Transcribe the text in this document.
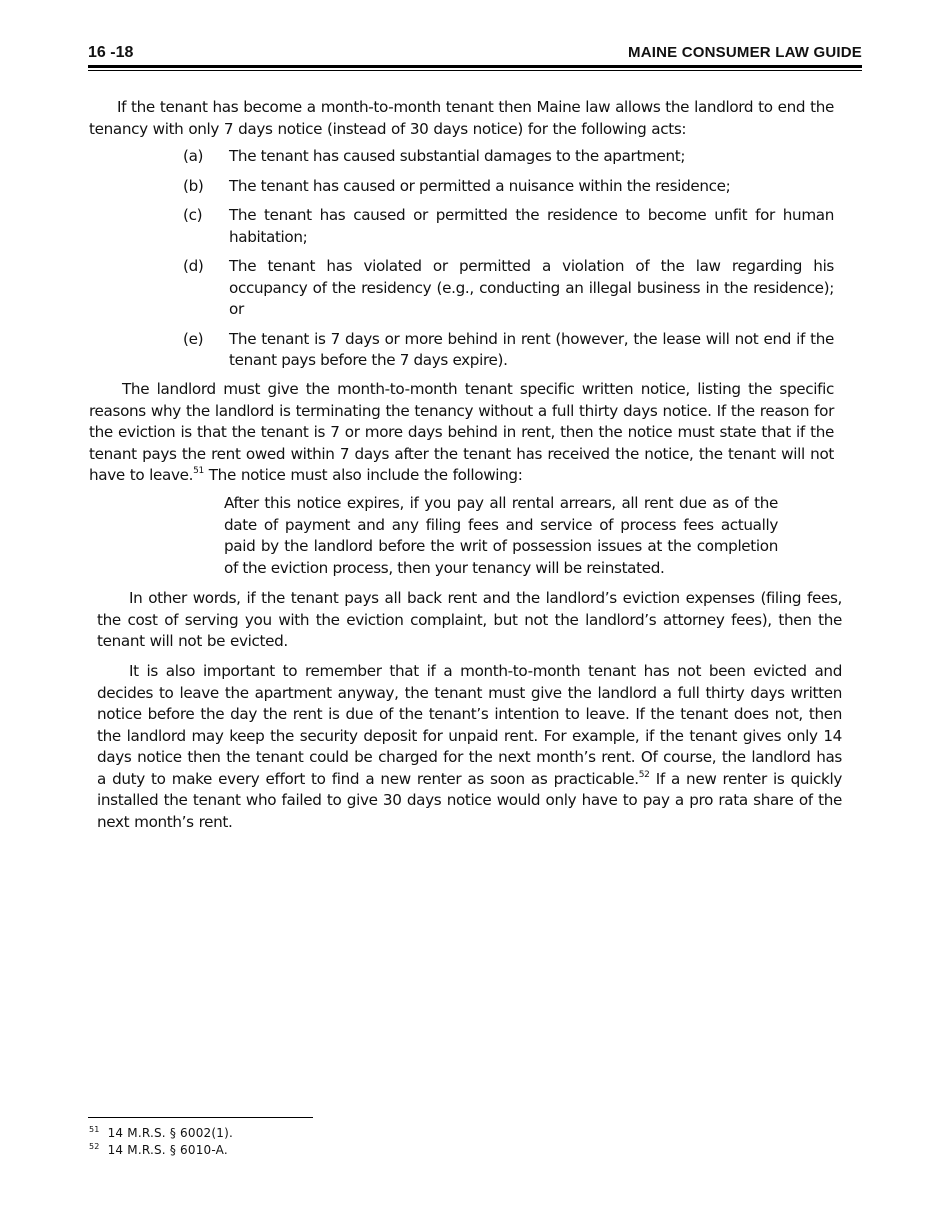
16 -18	MAINE CONSUMER LAW GUIDE
If the tenant has become a month-to-month tenant then Maine law allows the landlord to end the tenancy with only 7 days notice (instead of 30 days notice) for the following acts:
(a) The tenant has caused substantial damages to the apartment;
(b) The tenant has caused or permitted a nuisance within the residence;
(c) The tenant has caused or permitted the residence to become unfit for human habitation;
(d) The tenant has violated or permitted a violation of the law regarding his occupancy of the residency (e.g., conducting an illegal business in the residence); or
(e) The tenant is 7 days or more behind in rent (however, the lease will not end if the tenant pays before the 7 days expire).
The landlord must give the month-to-month tenant specific written notice, listing the specific reasons why the landlord is terminating the tenancy without a full thirty days notice. If the reason for the eviction is that the tenant is 7 or more days behind in rent, then the notice must state that if the tenant pays the rent owed within 7 days after the tenant has received the notice, the tenant will not have to leave.$^{51}$ The notice must also include the following:
After this notice expires, if you pay all rental arrears, all rent due as of the date of payment and any filing fees and service of process fees actually paid by the landlord before the writ of possession issues at the completion of the eviction process, then your tenancy will be reinstated.
In other words, if the tenant pays all back rent and the landlord’s eviction expenses (filing fees, the cost of serving you with the eviction complaint, but not the landlord’s attorney fees), then the tenant will not be evicted.
It is also important to remember that if a month-to-month tenant has not been evicted and decides to leave the apartment anyway, the tenant must give the landlord a full thirty days written notice before the day the rent is due of the tenant’s intention to leave. If the tenant does not, then the landlord may keep the security deposit for unpaid rent. For example, if the tenant gives only 14 days notice then the tenant could be charged for the next month’s rent. Of course, the landlord has a duty to make every effort to find a new renter as soon as practicable.$^{52}$ If a new renter is quickly installed the tenant who failed to give 30 days notice would only have to pay a pro rata share of the next month’s rent.
$^{51}$ 14 M.R.S. § 6002(1).
$^{52}$ 14 M.R.S. § 6010-A.
